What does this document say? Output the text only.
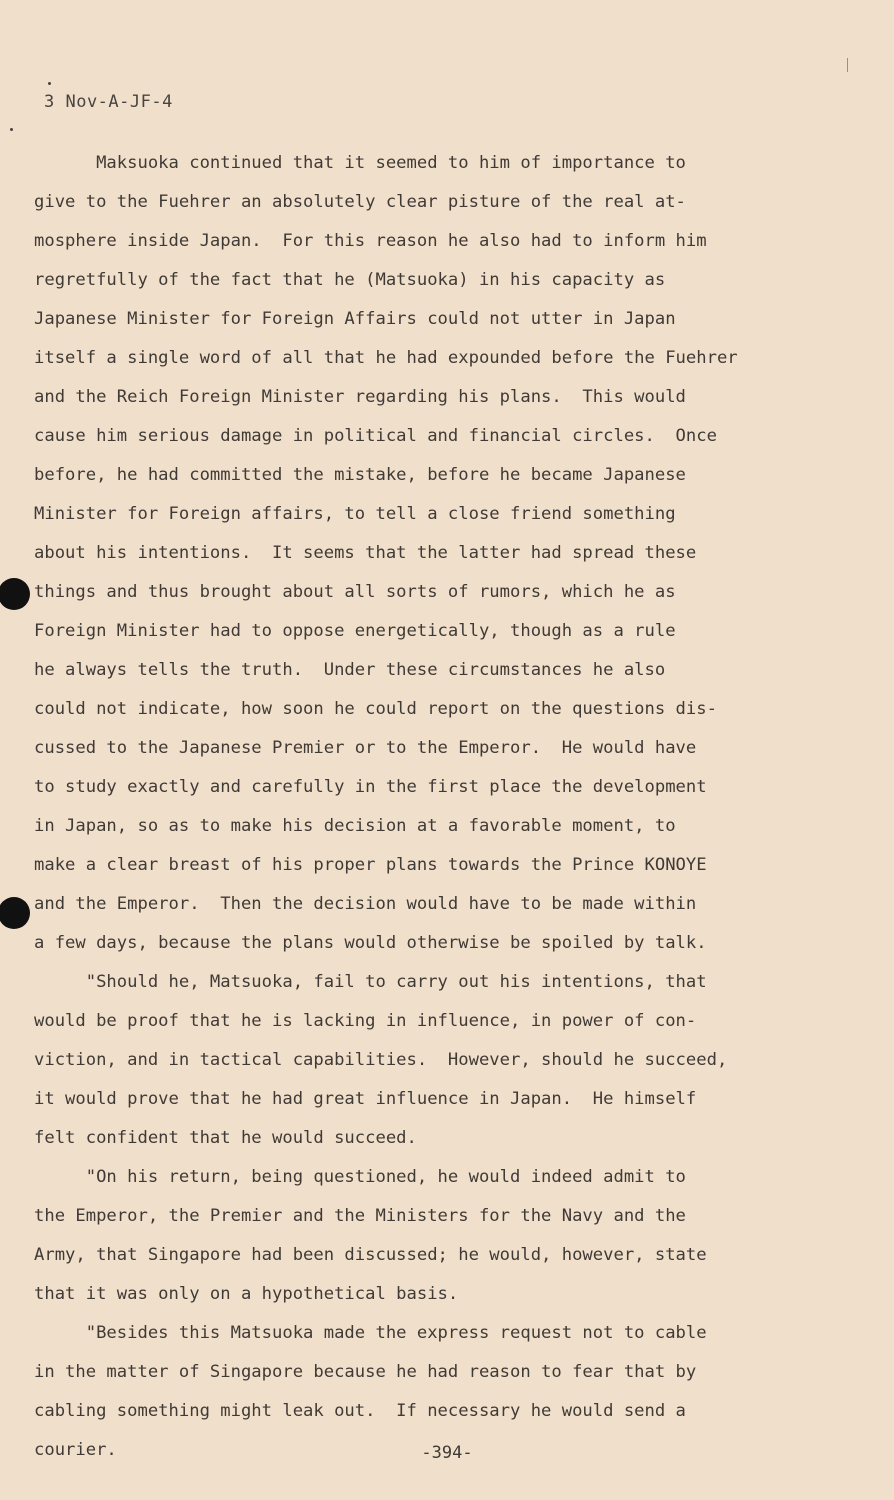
3 Nov-A-JF-4
Maksuoka continued that it seemed to him of importance to
give to the Fuehrer an absolutely clear pisture of the real at-
mosphere inside Japan.  For this reason he also had to inform him
regretfully of the fact that he (Matsuoka) in his capacity as
Japanese Minister for Foreign Affairs could not utter in Japan
itself a single word of all that he had expounded before the Fuehrer
and the Reich Foreign Minister regarding his plans.  This would
cause him serious damage in political and financial circles.  Once
before, he had committed the mistake, before he became Japanese
Minister for Foreign affairs, to tell a close friend something
about his intentions.  It seems that the latter had spread these
things and thus brought about all sorts of rumors, which he as
Foreign Minister had to oppose energetically, though as a rule
he always tells the truth.  Under these circumstances he also
could not indicate, how soon he could report on the questions dis-
cussed to the Japanese Premier or to the Emperor.  He would have
to study exactly and carefully in the first place the development
in Japan, so as to make his decision at a favorable moment, to
make a clear breast of his proper plans towards the Prince KONOYE
and the Emperor.  Then the decision would have to be made within
a few days, because the plans would otherwise be spoiled by talk.
"Should he, Matsuoka, fail to carry out his intentions, that
would be proof that he is lacking in influence, in power of con-
viction, and in tactical capabilities.  However, should he succeed,
it would prove that he had great influence in Japan.  He himself
felt confident that he would succeed.
"On his return, being questioned, he would indeed admit to
the Emperor, the Premier and the Ministers for the Navy and the
Army, that Singapore had been discussed; he would, however, state
that it was only on a hypothetical basis.
"Besides this Matsuoka made the express request not to cable
in the matter of Singapore because he had reason to fear that by
cabling something might leak out.  If necessary he would send a
courier.	-394-
